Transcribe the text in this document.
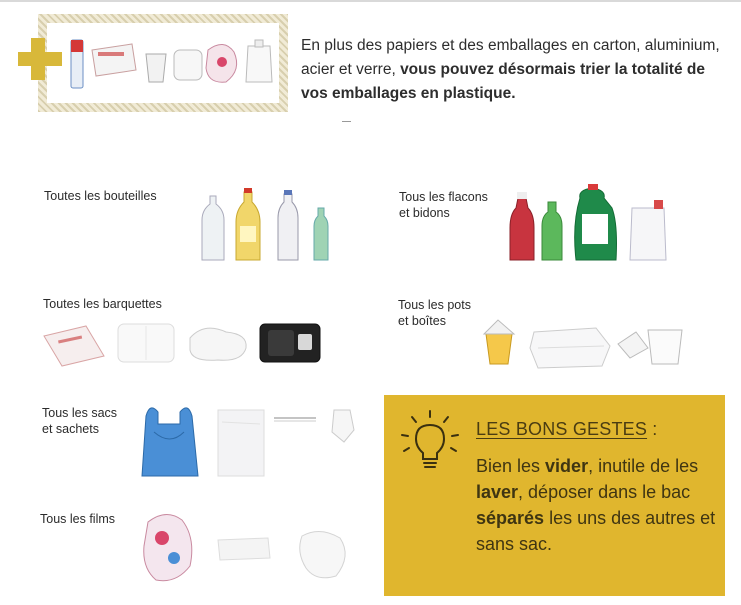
En plus des papiers et des emballages en carton, aluminium, acier et verre, vous pouvez désormais trier la totalité de vos emballages en plastique.
Toutes les bouteilles	Tous les flacons
et bidons
Toutes les barquettes	Tous les pots
et boîtes
Tous les sacs
et sachets
Tous les films
LES BONS GESTES :
Bien les vider, inutile de les laver, déposer dans le bac séparés les uns des autres et sans sac.
